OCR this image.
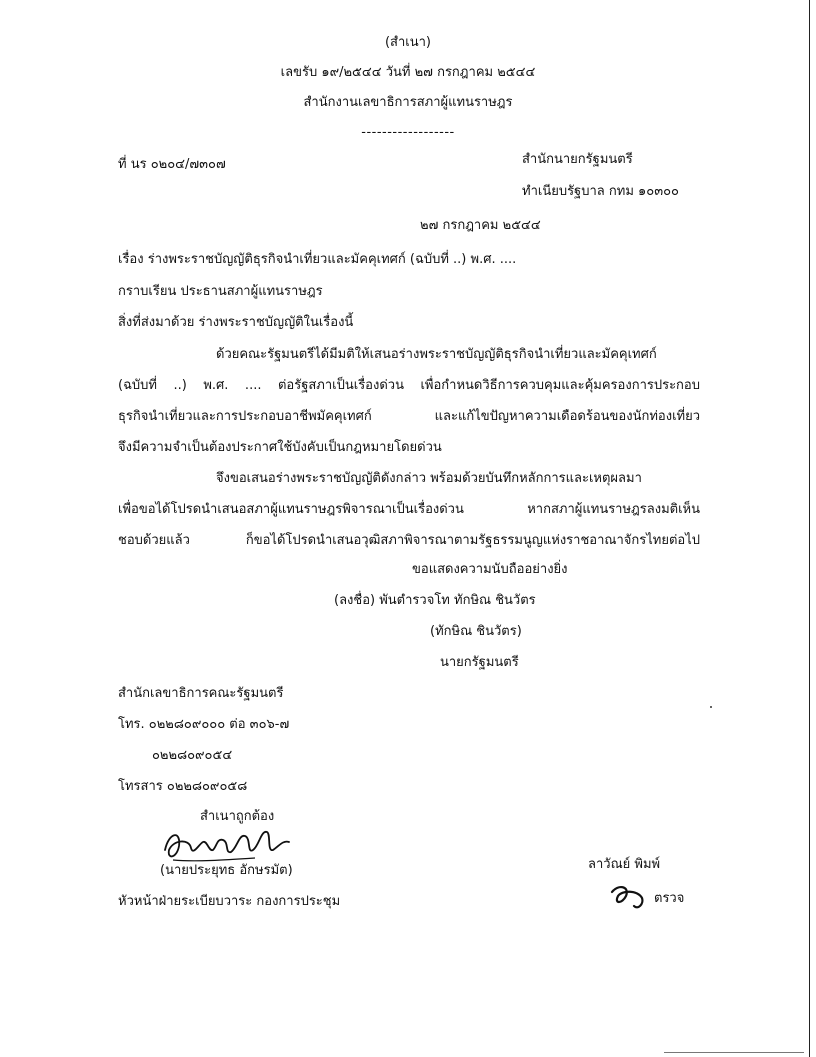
(สำเนา)
เลขรับ ๑๙/๒๕๔๔ วันที่ ๒๗ กรกฎาคม ๒๕๔๔
สำนักงานเลขาธิการสภาผู้แทนราษฎร
------------------
ที่ นร ๐๒๐๔/๗๓๐๗	สำนักนายกรัฐมนตรี
ทำเนียบรัฐบาล กทม ๑๐๓๐๐
๒๗ กรกฎาคม ๒๕๔๔
เรื่อง ร่างพระราชบัญญัติธุรกิจนำเที่ยวและมัคคุเทศก์ (ฉบับที่ ..) พ.ศ. ....
กราบเรียน ประธานสภาผู้แทนราษฎร
สิ่งที่ส่งมาด้วย ร่างพระราชบัญญัติในเรื่องนี้
ด้วยคณะรัฐมนตรีได้มีมติให้เสนอร่างพระราชบัญญัติธุรกิจนำเที่ยวและมัคคุเทศก์
(ฉบับที่ ..) พ.ศ. .... ต่อรัฐสภาเป็นเรื่องด่วน เพื่อกำหนดวิธีการควบคุมและคุ้มครองการประกอบ
ธุรกิจนำเที่ยวและการประกอบอาชีพมัคคุเทศก์ และแก้ไขปัญหาความเดือดร้อนของนักท่องเที่ยว
จึงมีความจำเป็นต้องประกาศใช้บังคับเป็นกฎหมายโดยด่วน
จึงขอเสนอร่างพระราชบัญญัติดังกล่าว พร้อมด้วยบันทึกหลักการและเหตุผลมา
เพื่อขอได้โปรดนำเสนอสภาผู้แทนราษฎรพิจารณาเป็นเรื่องด่วน หากสภาผู้แทนราษฎรลงมติเห็น
ชอบด้วยแล้ว ก็ขอได้โปรดนำเสนอวุฒิสภาพิจารณาตามรัฐธรรมนูญแห่งราชอาณาจักรไทยต่อไป
ขอแสดงความนับถืออย่างยิ่ง
(ลงชื่อ) พันตำรวจโท ทักษิณ ชินวัตร
(ทักษิณ ชินวัตร)
นายกรัฐมนตรี
สำนักเลขาธิการคณะรัฐมนตรี
โทร. ๐๒๒๘๐๙๐๐๐ ต่อ ๓๐๖-๗
๐๒๒๘๐๙๐๕๔
โทรสาร ๐๒๒๘๐๙๐๕๘
สำเนาถูกต้อง
(นายประยุทธ อักษรมัต)
หัวหน้าฝ่ายระเบียบวาระ กองการประชุม
ลาวัณย์ พิมพ์
ตรวจ
